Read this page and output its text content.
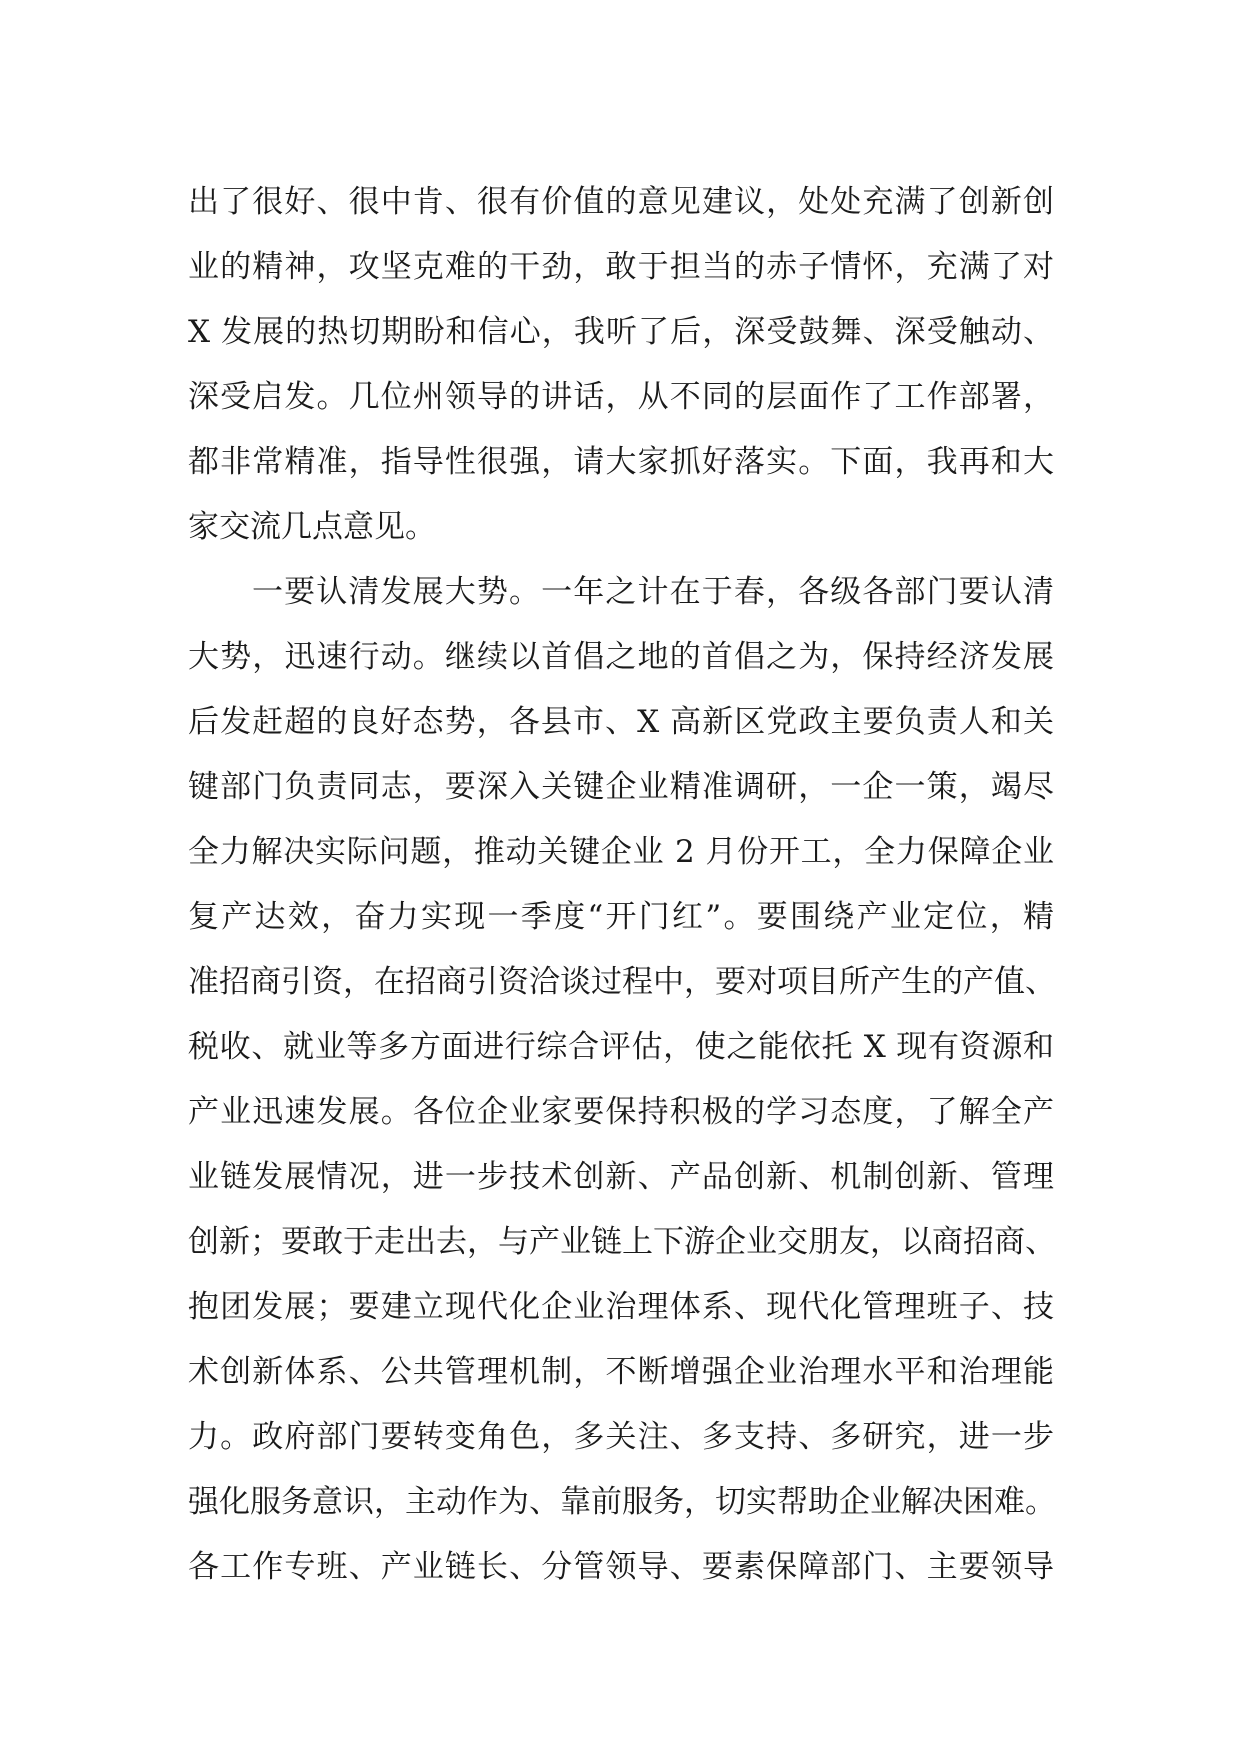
出了很好、很中肯、很有价值的意见建议，处处充满了创新创
业的精神，攻坚克难的干劲，敢于担当的赤子情怀，充满了对
X 发展的热切期盼和信心，我听了后，深受鼓舞、深受触动、
深受启发。几位州领导的讲话，从不同的层面作了工作部署，
都非常精准，指导性很强，请大家抓好落实。下面，我再和大
家交流几点意见。
一要认清发展大势。一年之计在于春，各级各部门要认清
大势，迅速行动。继续以首倡之地的首倡之为，保持经济发展
后发赶超的良好态势，各县市、X 高新区党政主要负责人和关
键部门负责同志，要深入关键企业精准调研，一企一策，竭尽
全力解决实际问题，推动关键企业 2 月份开工，全力保障企业
复产达效，奋力实现一季度“开门红”。要围绕产业定位，精
准招商引资，在招商引资洽谈过程中，要对项目所产生的产值、
税收、就业等多方面进行综合评估，使之能依托 X 现有资源和
产业迅速发展。各位企业家要保持积极的学习态度，了解全产
业链发展情况，进一步技术创新、产品创新、机制创新、管理
创新；要敢于走出去，与产业链上下游企业交朋友，以商招商、
抱团发展；要建立现代化企业治理体系、现代化管理班子、技
术创新体系、公共管理机制，不断增强企业治理水平和治理能
力。政府部门要转变角色，多关注、多支持、多研究，进一步
强化服务意识，主动作为、靠前服务，切实帮助企业解决困难。
各工作专班、产业链长、分管领导、要素保障部门、主要领导
